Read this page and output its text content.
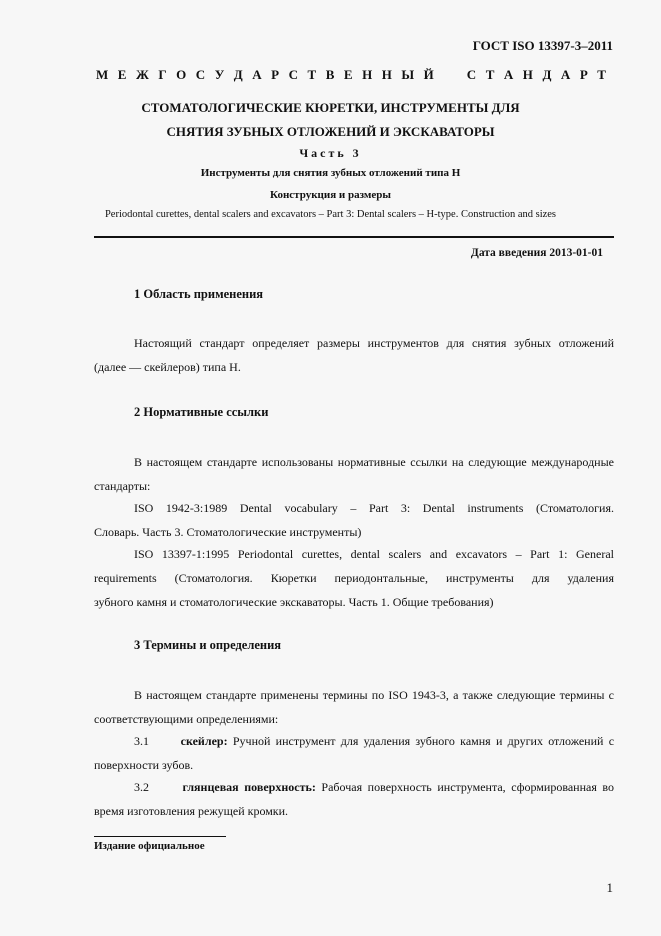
ГОСТ ISO 13397-3–2011
М Е Ж Г О С У Д А Р С Т В Е Н Н Ы Й	С Т А Н Д А Р Т
СТОМАТОЛОГИЧЕСКИЕ КЮРЕТКИ, ИНСТРУМЕНТЫ ДЛЯ
СНЯТИЯ ЗУБНЫХ ОТЛОЖЕНИЙ И ЭКСКАВАТОРЫ
Часть 3
Инструменты для снятия зубных отложений типа Н
Конструкция и размеры
Periodontal curettes, dental scalers and excavators – Part 3: Dental scalers – H-type. Construction and sizes
Дата введения 2013-01-01
1 Область применения
Настоящий стандарт определяет размеры инструментов для снятия зубных отложений
(далее — скейлеров) типа Н.
2 Нормативные ссылки
В настоящем стандарте использованы нормативные ссылки на следующие международные
стандарты:
ISO 1942-3:1989 Dental vocabulary – Part 3: Dental instruments (Стоматология.
Словарь. Часть 3. Стоматологические инструменты)
ISO 13397-1:1995 Periodontal curettes, dental scalers and excavators – Part 1: General
requirements (Стоматология. Кюретки периодонтальные, инструменты для удаления
зубного камня и стоматологические экскаваторы. Часть 1. Общие требования)
3 Термины и определения
В настоящем стандарте применены термины по ISO 1943-3, а также следующие термины с
соответствующими определениями:
3.1	скейлер: Ручной инструмент для удаления зубного камня и других отложений с
поверхности зубов.
3.2	глянцевая поверхность: Рабочая поверхность инструмента, сформированная во
время изготовления режущей кромки.
Издание официальное
1
